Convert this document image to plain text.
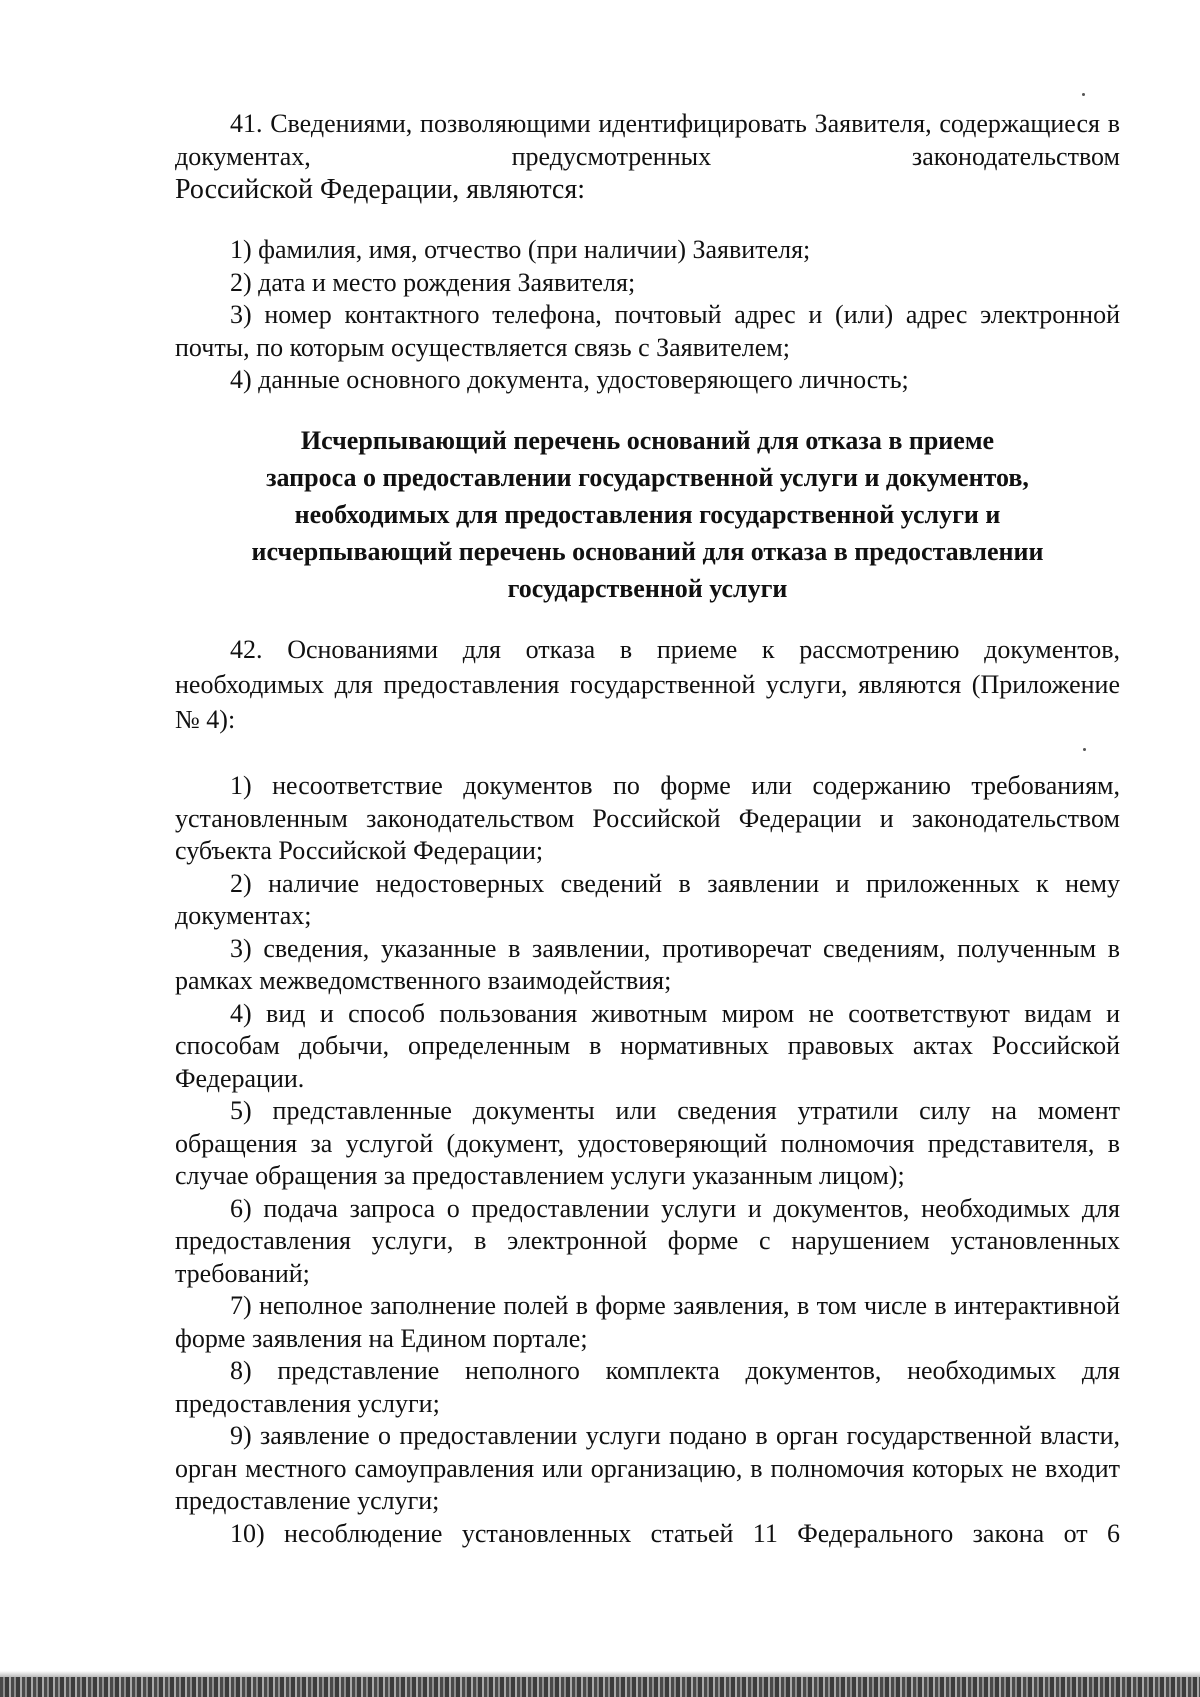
41. Сведениями, позволяющими идентифицировать Заявителя, содержащиеся в документах, предусмотренных законодательством

Российской Федерации, являются:

1) фамилия, имя, отчество (при наличии) Заявителя;

2) дата и место рождения Заявителя;

3) номер контактного телефона, почтовый адрес и (или) адрес электронной почты, по которым осуществляется связь с Заявителем;

4) данные основного документа, удостоверяющего личность;

Исчерпывающий перечень оснований для отказа в приеме
запроса о предоставлении государственной услуги и документов,
необходимых для предоставления государственной услуги и
исчерпывающий перечень оснований для отказа в предоставлении
государственной услуги

42. Основаниями для отказа в приеме к рассмотрению документов, необходимых для предоставления государственной услуги, являются (Приложение № 4):

1) несоответствие документов по форме или содержанию требованиям, установленным законодательством Российской Федерации и законодательством субъекта Российской Федерации;

2) наличие недостоверных сведений в заявлении и приложенных к нему документах;

3) сведения, указанные в заявлении, противоречат сведениям, полученным в рамках межведомственного взаимодействия;

4) вид и способ пользования животным миром не соответствуют видам и способам добычи, определенным в нормативных правовых актах Российской Федерации.

5) представленные документы или сведения утратили силу на момент обращения за услугой (документ, удостоверяющий полномочия представителя, в случае обращения за предоставлением услуги указанным лицом);

6) подача запроса о предоставлении услуги и документов, необходимых для предоставления услуги, в электронной форме с нарушением установленных требований;

7) неполное заполнение полей в форме заявления, в том числе в интерактивной форме заявления на Едином портале;

8) представление неполного комплекта документов, необходимых для предоставления услуги;

9) заявление о предоставлении услуги подано в орган государственной власти, орган местного самоуправления или организацию, в полномочия которых не входит предоставление услуги;

10) несоблюдение установленных статьей 11 Федерального закона от 6
